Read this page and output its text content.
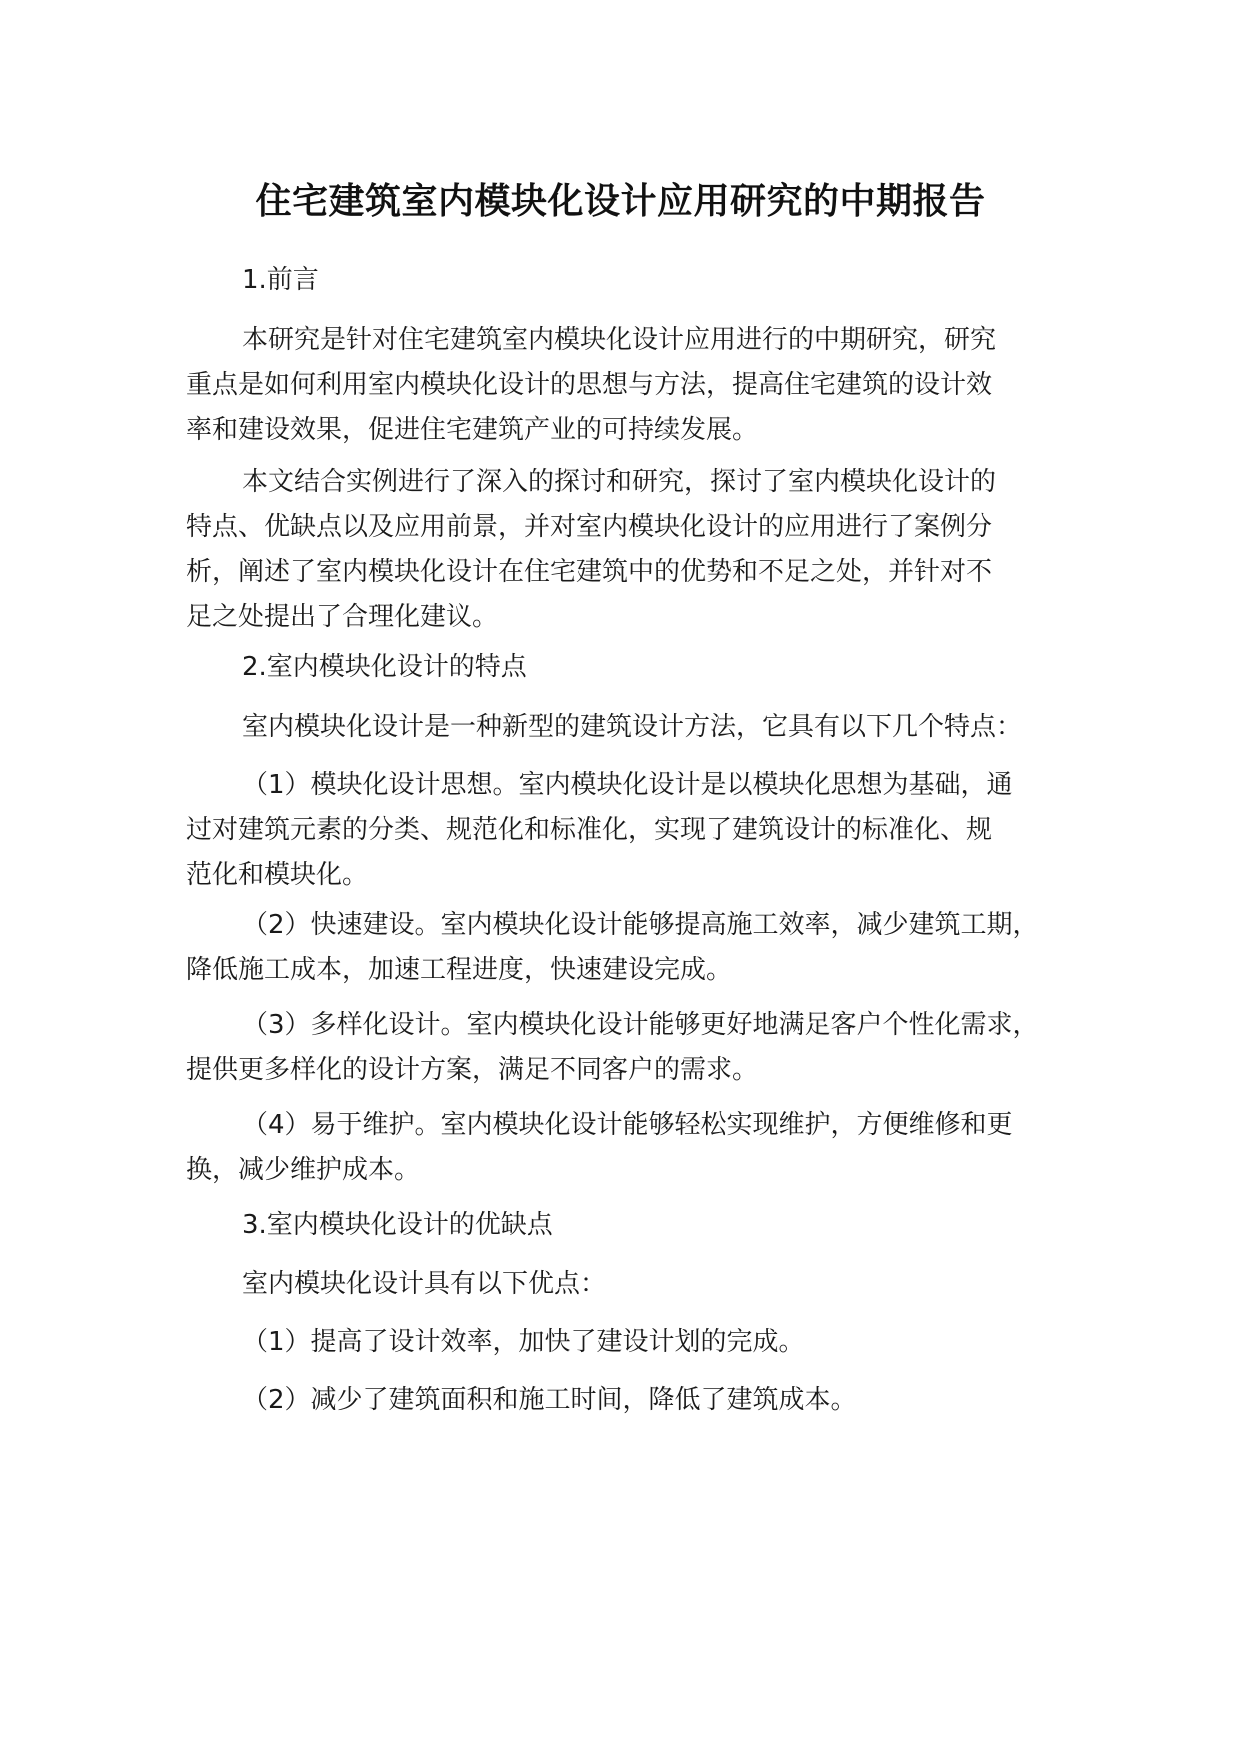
住宅建筑室内模块化设计应用研究的中期报告

1.前言

本研究是针对住宅建筑室内模块化设计应用进行的中期研究，研究
重点是如何利用室内模块化设计的思想与方法，提高住宅建筑的设计效
率和建设效果，促进住宅建筑产业的可持续发展。

本文结合实例进行了深入的探讨和研究，探讨了室内模块化设计的
特点、优缺点以及应用前景，并对室内模块化设计的应用进行了案例分
析，阐述了室内模块化设计在住宅建筑中的优势和不足之处，并针对不
足之处提出了合理化建议。

2.室内模块化设计的特点

室内模块化设计是一种新型的建筑设计方法，它具有以下几个特点：

（1）模块化设计思想。室内模块化设计是以模块化思想为基础，通
过对建筑元素的分类、规范化和标准化，实现了建筑设计的标准化、规
范化和模块化。

（2）快速建设。室内模块化设计能够提高施工效率，减少建筑工期，
降低施工成本，加速工程进度，快速建设完成。

（3）多样化设计。室内模块化设计能够更好地满足客户个性化需求，
提供更多样化的设计方案，满足不同客户的需求。

（4）易于维护。室内模块化设计能够轻松实现维护，方便维修和更
换，减少维护成本。

3.室内模块化设计的优缺点

室内模块化设计具有以下优点：

（1）提高了设计效率，加快了建设计划的完成。

（2）减少了建筑面积和施工时间，降低了建筑成本。
